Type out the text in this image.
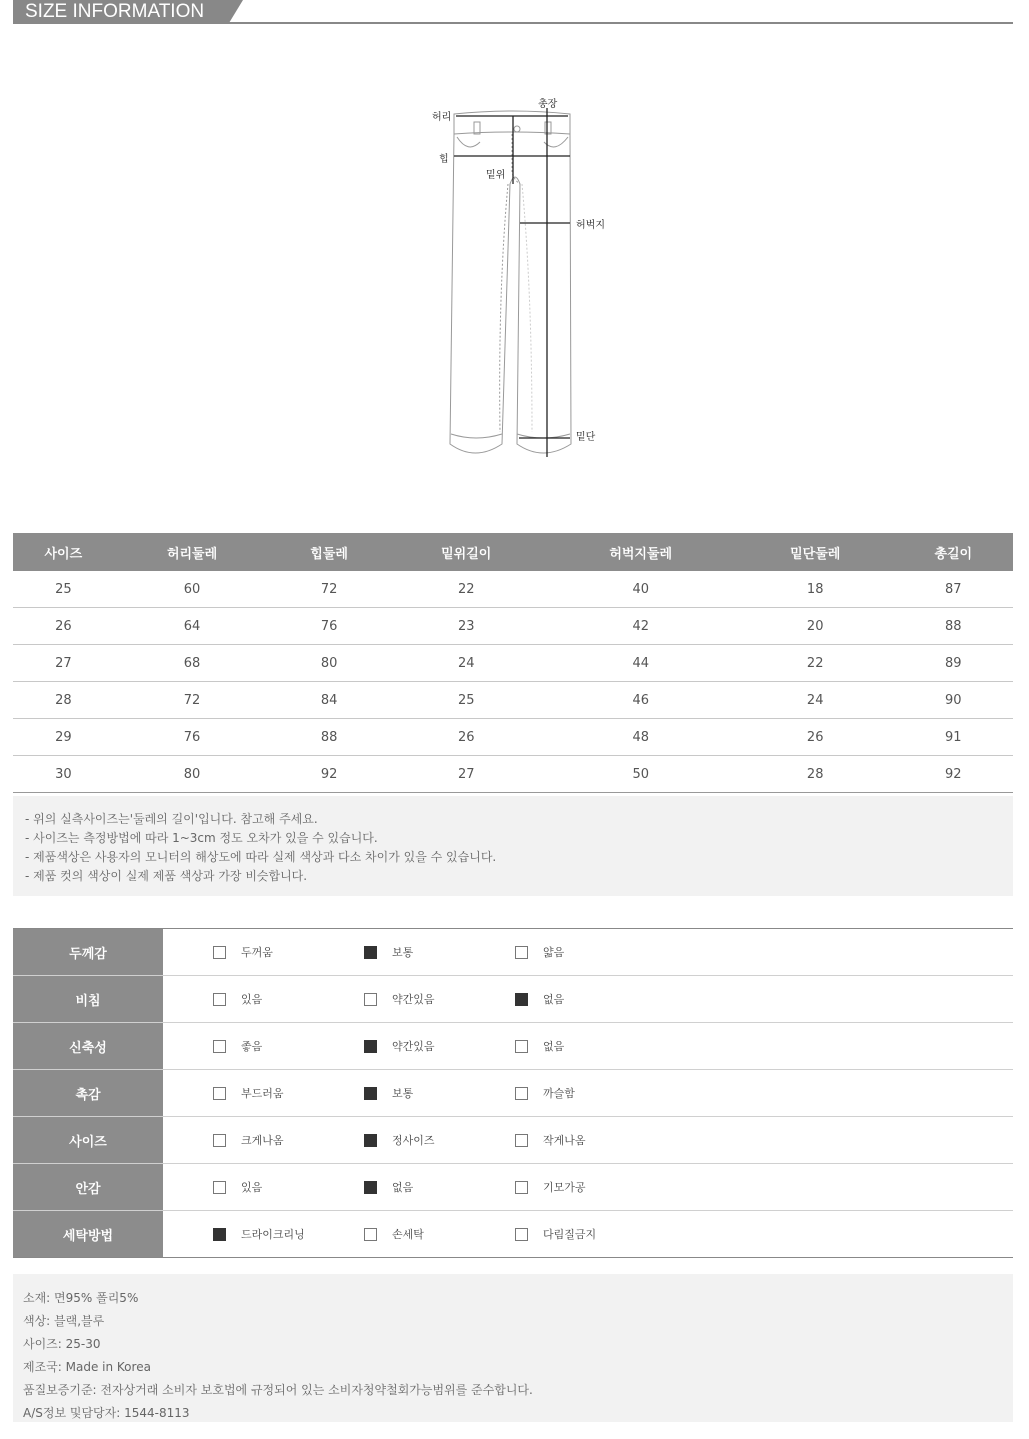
SIZE INFORMATION
허리
총장
힙
밑위
허벅지
밑단
사이즈	허리둘레	힙둘레	밑위길이	허벅지둘레	밑단둘레	총길이
25	60	72	22	40	18	87
26	64	76	23	42	20	88
27	68	80	24	44	22	89
28	72	84	25	46	24	90
29	76	88	26	48	26	91
30	80	92	27	50	28	92
- 위의 실측사이즈는'둘레의 길이'입니다. 참고해 주세요.
- 사이즈는 측정방법에 따라 1~3cm 정도 오차가 있을 수 있습니다.
- 제품색상은 사용자의 모니터의 해상도에 따라 실제 색상과 다소 차이가 있을 수 있습니다.
- 제품 컷의 색상이 실제 제품 색상과 가장 비슷합니다.
두께감	두꺼움	보통	얇음
비침	있음	약간있음	없음
신축성	좋음	약간있음	없음
촉감	부드러움	보통	까슬함
사이즈	크게나옴	정사이즈	작게나옴
안감	있음	없음	기모가공
세탁방법	드라이크리닝	손세탁	다림질금지
소재: 면95% 폴리5%
색상: 블랙,블루
사이즈: 25-30
제조국: Made in Korea
품질보증기준: 전자상거래 소비자 보호법에 규정되어 있는 소비자청약철회가능범위를 준수합니다.
A/S정보 및담당자: 1544-8113
